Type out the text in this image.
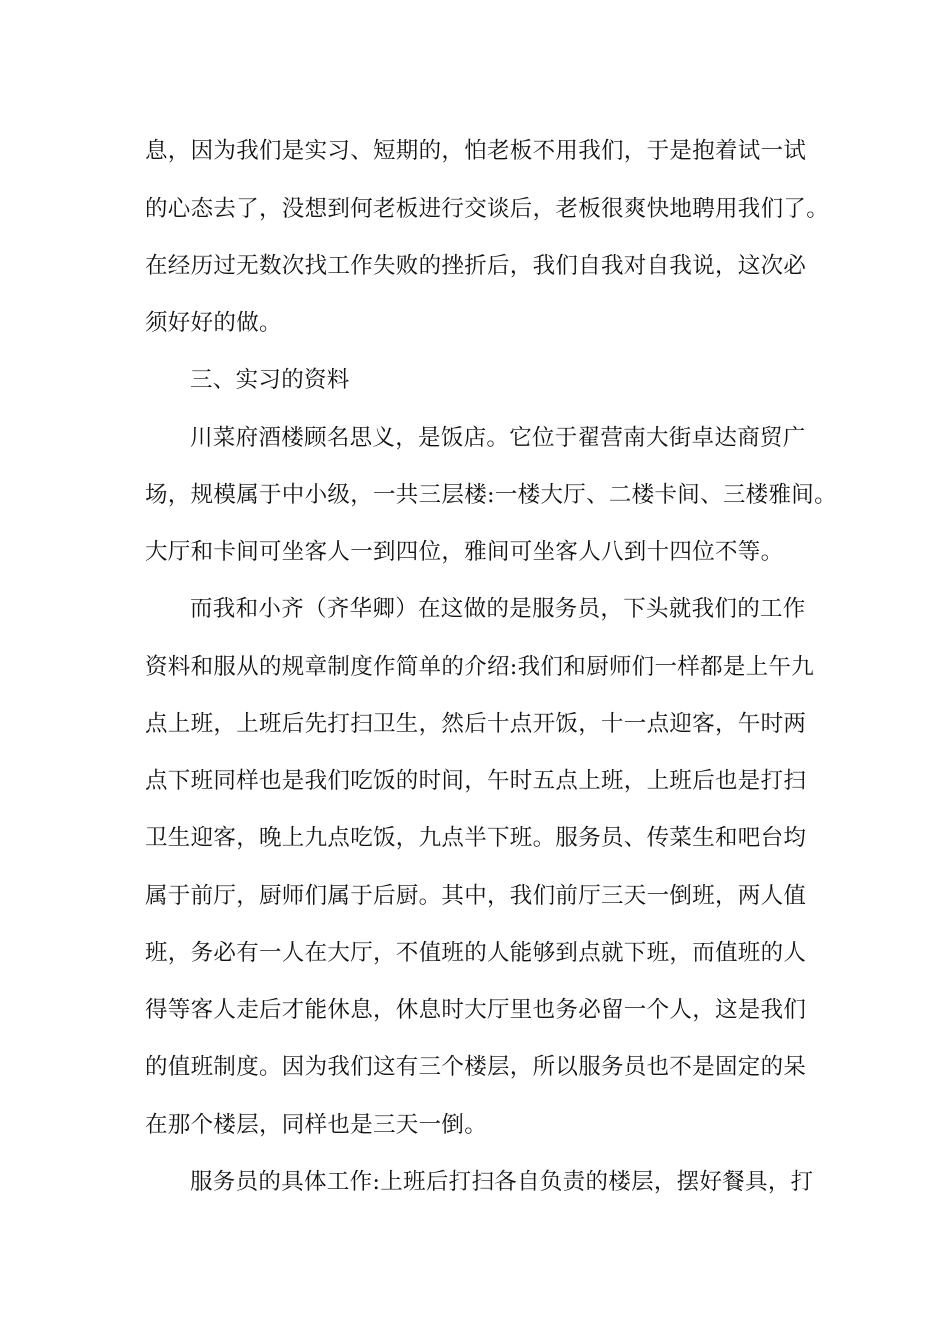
息，因为我们是实习、短期的，怕老板不用我们，于是抱着试一试
的心态去了，没想到何老板进行交谈后，老板很爽快地聘用我们了。
在经历过无数次找工作失败的挫折后，我们自我对自我说，这次必
须好好的做。
三、实习的资料
川菜府酒楼顾名思义，是饭店。它位于翟营南大街卓达商贸广
场，规模属于中小级，一共三层楼:一楼大厅、二楼卡间、三楼雅间。
大厅和卡间可坐客人一到四位，雅间可坐客人八到十四位不等。
而我和小齐（齐华卿）在这做的是服务员，下头就我们的工作
资料和服从的规章制度作简单的介绍:我们和厨师们一样都是上午九
点上班，上班后先打扫卫生，然后十点开饭，十一点迎客，午时两
点下班同样也是我们吃饭的时间，午时五点上班，上班后也是打扫
卫生迎客，晚上九点吃饭，九点半下班。服务员、传菜生和吧台均
属于前厅，厨师们属于后厨。其中，我们前厅三天一倒班，两人值
班，务必有一人在大厅，不值班的人能够到点就下班，而值班的人
得等客人走后才能休息，休息时大厅里也务必留一个人，这是我们
的值班制度。因为我们这有三个楼层，所以服务员也不是固定的呆
在那个楼层，同样也是三天一倒。
服务员的具体工作:上班后打扫各自负责的楼层，摆好餐具，打
